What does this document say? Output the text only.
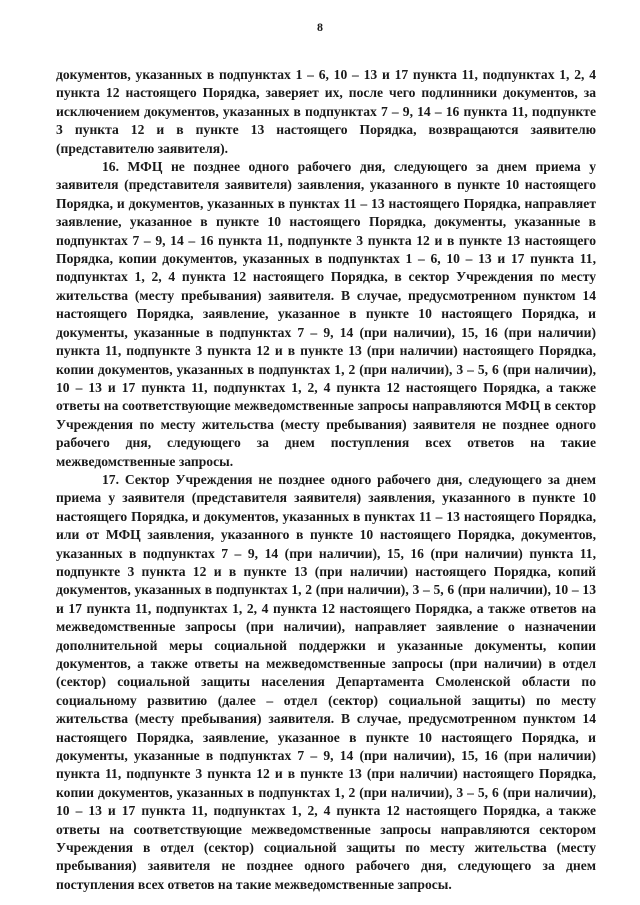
8

документов, указанных в подпунктах 1 – 6, 10 – 13 и 17 пункта 11, подпунктах 1, 2, 4 пункта 12 настоящего Порядка, заверяет их, после чего подлинники документов, за исключением документов, указанных в подпунктах 7 – 9, 14 – 16 пункта 11, подпункте 3 пункта 12 и в пункте 13 настоящего Порядка, возвращаются заявителю (представителю заявителя).

16. МФЦ не позднее одного рабочего дня, следующего за днем приема у заявителя (представителя заявителя) заявления, указанного в пункте 10 настоящего Порядка, и документов, указанных в пунктах 11 – 13 настоящего Порядка, направляет заявление, указанное в пункте 10 настоящего Порядка, документы, указанные в подпунктах 7 – 9, 14 – 16 пункта 11, подпункте 3 пункта 12 и в пункте 13 настоящего Порядка, копии документов, указанных в подпунктах 1 – 6, 10 – 13 и 17 пункта 11, подпунктах 1, 2, 4 пункта 12 настоящего Порядка, в сектор Учреждения по месту жительства (месту пребывания) заявителя. В случае, предусмотренном пунктом 14 настоящего Порядка, заявление, указанное в пункте 10 настоящего Порядка, и документы, указанные в подпунктах 7 – 9, 14 (при наличии), 15, 16 (при наличии) пункта 11, подпункте 3 пункта 12 и в пункте 13 (при наличии) настоящего Порядка, копии документов, указанных в подпунктах 1, 2 (при наличии), 3 – 5, 6 (при наличии), 10 – 13 и 17 пункта 11, подпунктах 1, 2, 4 пункта 12 настоящего Порядка, а также ответы на соответствующие межведомственные запросы направляются МФЦ в сектор Учреждения по месту жительства (месту пребывания) заявителя не позднее одного рабочего дня, следующего за днем поступления всех ответов на такие межведомственные запросы.

17. Сектор Учреждения не позднее одного рабочего дня, следующего за днем приема у заявителя (представителя заявителя) заявления, указанного в пункте 10 настоящего Порядка, и документов, указанных в пунктах 11 – 13 настоящего Порядка, или от МФЦ заявления, указанного в пункте 10 настоящего Порядка, документов, указанных в подпунктах 7 – 9, 14 (при наличии), 15, 16 (при наличии) пункта 11, подпункте 3 пункта 12 и в пункте 13 (при наличии) настоящего Порядка, копий документов, указанных в подпунктах 1, 2 (при наличии), 3 – 5, 6 (при наличии), 10 – 13 и 17 пункта 11, подпунктах 1, 2, 4 пункта 12 настоящего Порядка, а также ответов на межведомственные запросы (при наличии), направляет заявление о назначении дополнительной меры социальной поддержки и указанные документы, копии документов, а также ответы на межведомственные запросы (при наличии) в отдел (сектор) социальной защиты населения Департамента Смоленской области по социальному развитию (далее – отдел (сектор) социальной защиты) по месту жительства (месту пребывания) заявителя. В случае, предусмотренном пунктом 14 настоящего Порядка, заявление, указанное в пункте 10 настоящего Порядка, и документы, указанные в подпунктах 7 – 9, 14 (при наличии), 15, 16 (при наличии) пункта 11, подпункте 3 пункта 12 и в пункте 13 (при наличии) настоящего Порядка, копии документов, указанных в подпунктах 1, 2 (при наличии), 3 – 5, 6 (при наличии), 10 – 13 и 17 пункта 11, подпунктах 1, 2, 4 пункта 12 настоящего Порядка, а также ответы на соответствующие межведомственные запросы направляются сектором Учреждения в отдел (сектор) социальной защиты по месту жительства (месту пребывания) заявителя не позднее одного рабочего дня, следующего за днем поступления всех ответов на такие межведомственные запросы.
